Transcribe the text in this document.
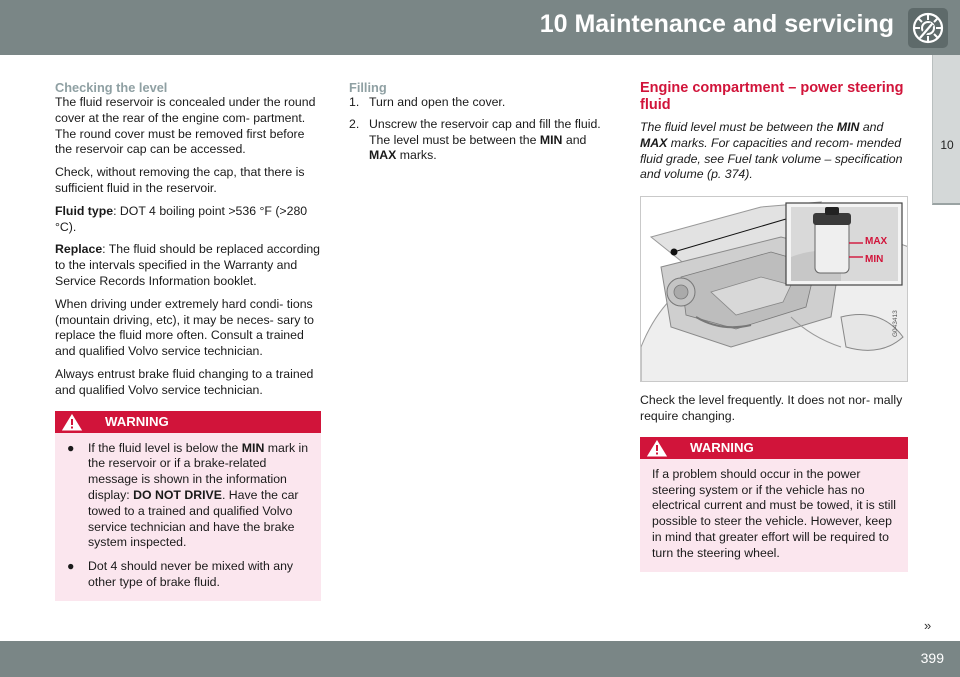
10 Maintenance and servicing
10
Checking the level

The fluid reservoir is concealed under the round cover at the rear of the engine com- partment. The round cover must be removed first before the reservoir cap can be accessed.

Check, without removing the cap, that there is sufficient fluid in the reservoir.

Fluid type: DOT 4 boiling point >536 °F (>280 °C).

Replace: The fluid should be replaced according to the intervals specified in the Warranty and Service Records Information booklet.

When driving under extremely hard condi- tions (mountain driving, etc), it may be neces- sary to replace the fluid more often. Consult a trained and qualified Volvo service technician.

Always entrust brake fluid changing to a trained and qualified Volvo service technician.

WARNING
● If the fluid level is below the MIN mark in the reservoir or if a brake-related message is shown in the information display: DO NOT DRIVE. Have the car towed to a trained and qualified Volvo service technician and have the brake system inspected.
● Dot 4 should never be mixed with any other type of brake fluid.
Filling
1. Turn and open the cover.
2. Unscrew the reservoir cap and fill the fluid. The level must be between the MIN and MAX marks.
Engine compartment – power steering fluid

The fluid level must be between the MIN and MAX marks. For capacities and recom- mended fluid grade, see Fuel tank volume – specification and volume (p. 374).

MAX
MIN
G043413

Check the level frequently. It does not nor- mally require changing.

WARNING

If a problem should occur in the power steering system or if the vehicle has no electrical current and must be towed, it is still possible to steer the vehicle. However, keep in mind that greater effort will be required to turn the steering wheel.

»
399
